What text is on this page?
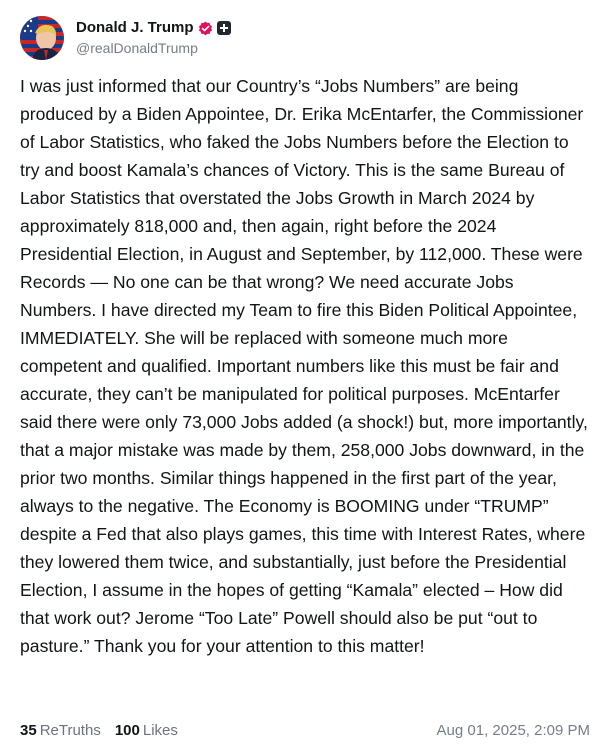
Donald J. Trump
@realDonaldTrump

I was just informed that our Country’s “Jobs Numbers” are being produced by a Biden Appointee, Dr. Erika McEntarfer, the Commissioner of Labor Statistics, who faked the Jobs Numbers before the Election to try and boost Kamala’s chances of Victory. This is the same Bureau of Labor Statistics that overstated the Jobs Growth in March 2024 by approximately 818,000 and, then again, right before the 2024 Presidential Election, in August and September, by 112,000. These were Records — No one can be that wrong? We need accurate Jobs Numbers. I have directed my Team to fire this Biden Political Appointee, IMMEDIATELY. She will be replaced with someone much more competent and qualified. Important numbers like this must be fair and accurate, they can’t be manipulated for political purposes. McEntarfer said there were only 73,000 Jobs added (a shock!) but, more importantly, that a major mistake was made by them, 258,000 Jobs downward, in the prior two months. Similar things happened in the first part of the year, always to the negative. The Economy is BOOMING under “TRUMP” despite a Fed that also plays games, this time with Interest Rates, where they lowered them twice, and substantially, just before the Presidential Election, I assume in the hopes of getting “Kamala” elected – How did that work out? Jerome “Too Late” Powell should also be put “out to pasture.” Thank you for your attention to this matter!

35 ReTruths 100 Likes	Aug 01, 2025, 2:09 PM
